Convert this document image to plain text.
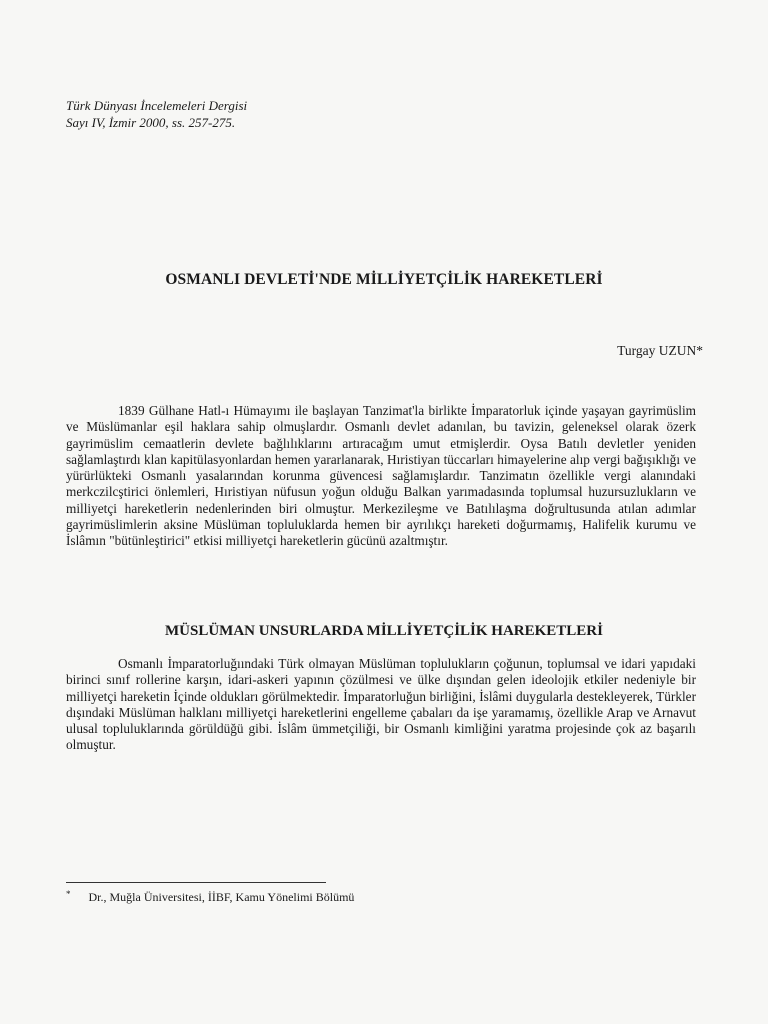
Türk Dünyası İncelemeleri Dergisi
Sayı IV, İzmir 2000, ss. 257-275.
OSMANLI DEVLETİ'NDE MİLLİYETÇİLİK HAREKETLERİ
Turgay UZUN*

1839 Gülhane Hatl-ı Hümayımı ile başlayan Tanzimat'la birlikte İmparatorluk içinde yaşayan gayrimüslim ve Müslümanlar eşil haklara sahip olmuşlardır. Osmanlı devlet adanılan, bu tavizin, geleneksel olarak özerk gayrimüslim cemaatlerin devlete bağlılıklarını artıracağım umut etmişlerdir. Oysa Batılı devletler yeniden sağlamlaştırdı klan kapitülasyonlardan hemen yararlanarak, Hıristiyan tüccarları himayelerine alıp vergi bağışıklığı ve yürürlükteki Osmanlı yasalarından korunma güvencesi sağlamışlardır. Tanzimatın özellikle vergi alanındaki merkczilcştirici önlemleri, Hıristiyan nüfusun yoğun olduğu Balkan yarımadasında toplumsal huzursuzlukların ve milliyetçi hareketlerin nedenlerinden biri olmuştur. Merkezileşme ve Batılılaşma doğrultusunda atılan adımlar gayrimüslimlerin aksine Müslüman topluluklarda hemen bir ayrılıkçı hareketi doğurmamış, Halifelik kurumu ve İslâmın "bütünleştirici" etkisi milliyetçi hareketlerin gücünü azaltmıştır.

MÜSLÜMAN UNSURLARDA MİLLİYETÇİLİK HAREKETLERİ

Osmanlı İmparatorluğıındaki Türk olmayan Müslüman toplulukların çoğunun, toplumsal ve idari yapıdaki birinci sınıf rollerine karşın, idari-askeri yapının çözülmesi ve ülke dışından gelen ideolojik etkiler nedeniyle bir milliyetçi hareketin İçinde oldukları görülmektedir. İmparatorluğun birliğini, İslâmi duygularla destekleyerek, Türkler dışındaki Müslüman halklanı milliyetçi hareketlerini engelleme çabaları da işe yaramamış, özellikle Arap ve Arnavut ulusal topluluklarında görüldüğü gibi. İslâm ümmetçiliği, bir Osmanlı kimliğini yaratma projesinde çok az başarılı olmuştur.

* Dr., Muğla Üniversitesi, İİBF, Kamu Yönelimi Bölümü
